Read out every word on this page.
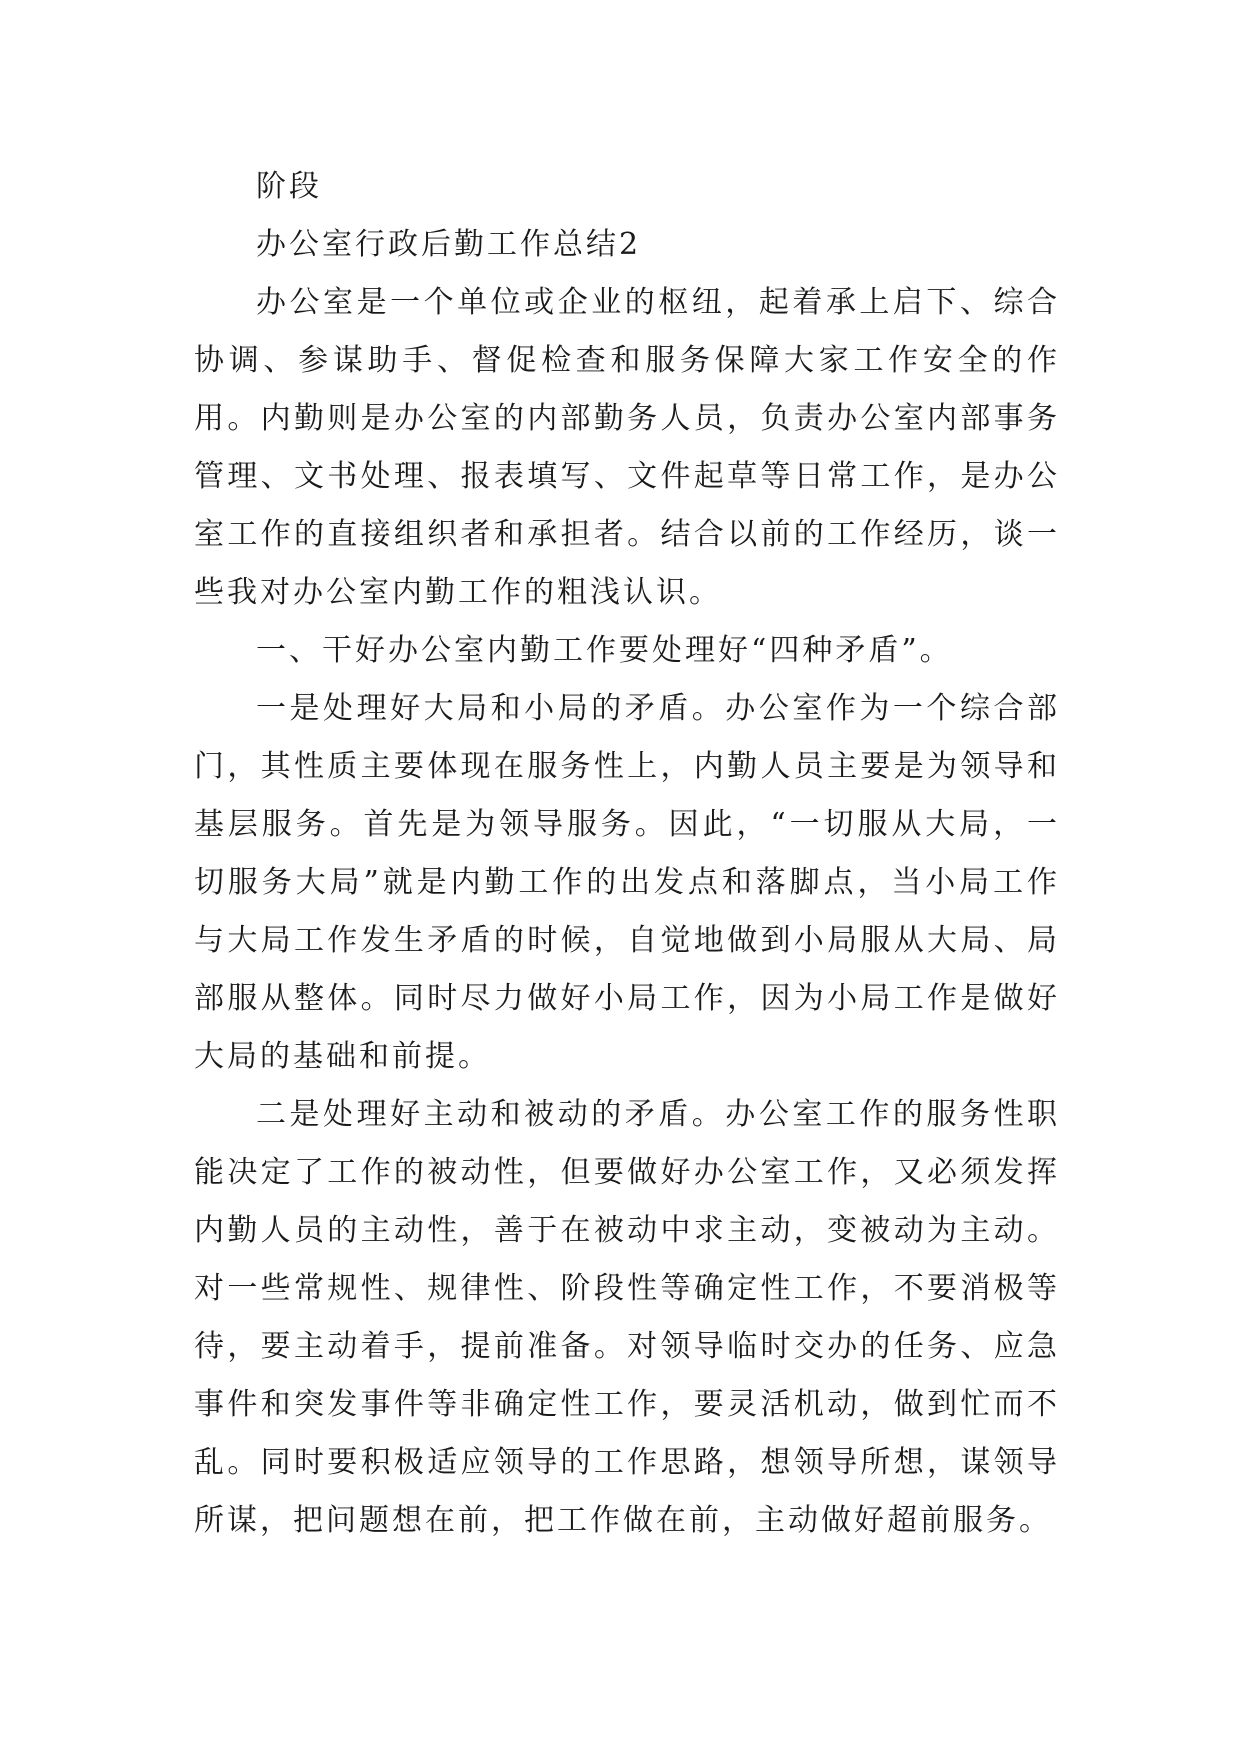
阶段

办公室行政后勤工作总结2

办公室是一个单位或企业的枢纽，起着承上启下、综合协调、参谋助手、督促检查和服务保障大家工作安全的作用。内勤则是办公室的内部勤务人员，负责办公室内部事务管理、文书处理、报表填写、文件起草等日常工作，是办公室工作的直接组织者和承担者。结合以前的工作经历，谈一些我对办公室内勤工作的粗浅认识。

一、干好办公室内勤工作要处理好“四种矛盾”。

一是处理好大局和小局的矛盾。办公室作为一个综合部门，其性质主要体现在服务性上，内勤人员主要是为领导和基层服务。首先是为领导服务。因此，“一切服从大局，一切服务大局”就是内勤工作的出发点和落脚点，当小局工作与大局工作发生矛盾的时候，自觉地做到小局服从大局、局部服从整体。同时尽力做好小局工作，因为小局工作是做好大局的基础和前提。

二是处理好主动和被动的矛盾。办公室工作的服务性职能决定了工作的被动性，但要做好办公室工作，又必须发挥内勤人员的主动性，善于在被动中求主动，变被动为主动。对一些常规性、规律性、阶段性等确定性工作，不要消极等待，要主动着手，提前准备。对领导临时交办的任务、应急事件和突发事件等非确定性工作，要灵活机动，做到忙而不乱。同时要积极适应领导的工作思路，想领导所想，谋领导所谋，把问题想在前，把工作做在前，主动做好超前服务。
